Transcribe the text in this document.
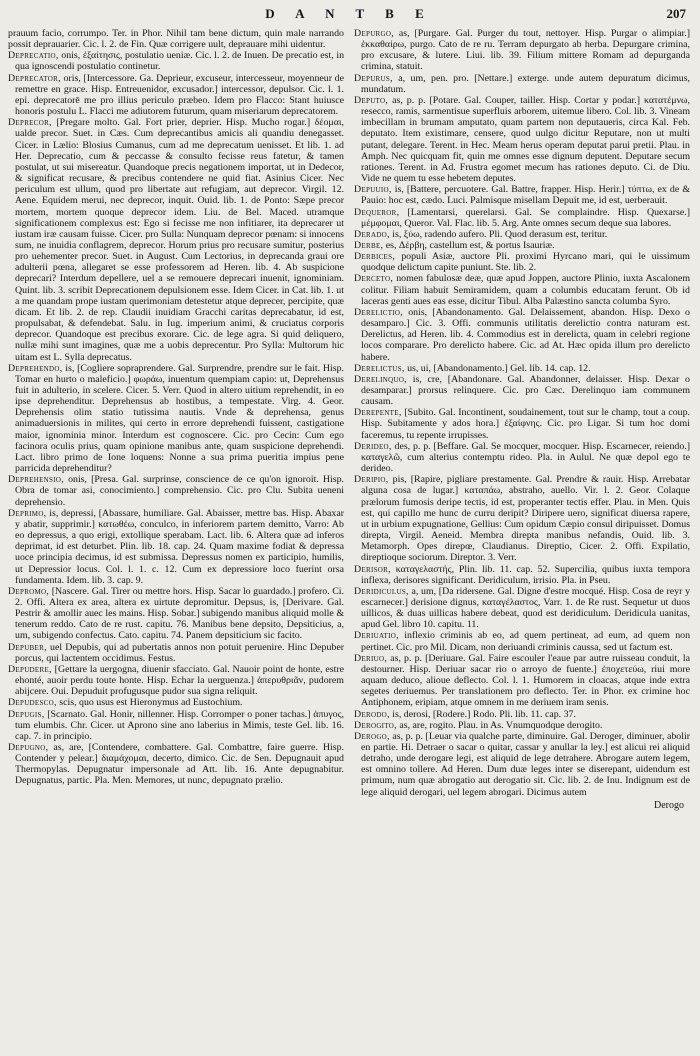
D A N T B E	207

prauum facio, corrumpo. Ter. in Phor. Nihil tam bene dictum, quin male narrando possit deprauarier. Cic. l. 2. de Fin. Quæ corrigere uult, deprauare mihi uidentur.

Deprecatio, onis, ἐξαίτησις, postulatio ueniæ. Cic. l. 2. de Inuen. De precatio est, in qua ignoscendi postulatio continetur.

Deprecator, oris, [Intercessore. Ga. Deprieur, excuseur, intercesseur, moyenneur de remettre en grace. Hisp. Entreuenidor, excusador.] intercessor, depulsor. Cic. l. 1. epi. deprecatorē me pro illius periculo præbeo. Idem pro Flacco: Stant huiusce honoris postulu L. Flacci me adiutorem futurum, quam miseriarum deprecatorem.

Deprecor, [Pregare molto. Gal. Fort prier, deprier. Hisp. Mucho rogar.] δέομαι, ualde precor. Suet. in Cæs. Cum deprecantibus amicis ali quandiu denegasset. Cicer. in Lælio: Blosius Cumanus, cum ad me deprecatum uenisset. Et lib. 1. ad Her. Deprecatio, cum & peccasse & consulto fecisse reus fatetur, & tamen postulat, ut sui misereatur. Quandoque precis negationem importat, ut in Dedecor, & significat recusare, & precibus contendere ne quid fiat. Asinius Cicer. Nec periculum est ullum, quod pro libertate aut refugiam, aut deprecor. Virgil. 12. Aene. Equidem merui, nec deprecor, inquit. Ouid. lib. 1. de Ponto: Sæpe precor mortem, mortem quoque deprecor idem. Liu. de Bel. Maced. utramque significationem complexus est: Ego si fecisse me non infitiarer, ita deprecarer ut iustam iræ causam fuisse. Cicer. pro Sulla: Nunquam deprecor pœnam: si innocens sum, ne inuidia conflagrem, deprecor. Horum prius pro recusare sumitur, posterius pro uehementer precor. Suet. in August. Cum Lectorius, in deprecanda graui ore adulterii pœna, allegaret se esse professorem ad Heren. lib. 4. Ab suspicione deprecari? Interdum depellere, uel a se remouere deprecari inuenit, ignominiam. Quint. lib. 3. scribit Deprecationem depulsionem esse. Idem Cicer. in Cat. lib. 1. ut a me quandam prope iustam querimoniam detestetur atque deprecer, percipite, quæ dicam. Et lib. 2. de rep. Claudii inuidiam Gracchi caritas deprecabatur, id est, propulsabat, & defendebat. Salu. in Iug. imperium animi, & cruciatus corporis deprecor. Quandoque est precibus exorare. Cic. de lege agra. Si quid deliquero, nullæ mihi sunt imagines, quæ me a uobis deprecentur. Pro Sylla: Multorum hic uitam est L. Sylla deprecatus.

Deprehendo, is, [Cogliere sopraprendere. Gal. Surprendre, prendre sur le fait. Hisp. Tomar en hurto o maleficio.] φωράω, inuentum quempiam capio: ut, Deprehensus fuit in adulterio, in scelere. Cicer. 5. Verr. Quod in altero uitium reprehendit, in eo ipse deprehenditur. Deprehensus ab hostibus, a tempestate. Virg. 4. Geor. Deprehensis olim statio tutissima nautis. Vnde & deprehensa, genus animaduersionis in milites, qui certo in errore deprehendi fuissent, castigatione maior, ignominia minor. Interdum est cognoscere. Cic. pro Cecin: Cum ego facinora oculis prius, quam opinione manibus ante, quam suspicione deprehendi. Lact. libro primo de Ione loquens: Nonne a sua prima pueritia impius pene parricida deprehenditur?

Deprehensio, onis, [Presa. Gal. surprinse, conscience de ce qu'on ignoroit. Hisp. Obra de tomar asi, conocimiento.] comprehensio. Cic. pro Clu. Subita ueneni deprehensio.

Deprimo, is, depressi, [Abassare, humiliare. Gal. Abaisser, mettre bas. Hisp. Abaxar y abatir, supprimir.] κατωθέω, conculco, in inferiorem partem demitto, Varro: Ab eo depressus, a quo erigi, extollique sperabam. Lact. lib. 6. Altera quæ ad inferos deprimat, id est deturbet. Plin. lib. 18. cap. 24. Quam maxime fodiat & depressa uoce principia decimus, id est submissa. Depressus nomen ex participio, humilis, ut Depressior locus. Col. l. 1. c. 12. Cum ex depressiore loco fuerint orsa fundamenta. Idem. lib. 3. cap. 9.

Depromo, [Nascere. Gal. Tirer ou mettre hors. Hisp. Sacar lo guardado.] profero. Ci. 2. Offi. Altera ex area, altera ex uirtute depromitur. Depsus, is, [Derivare. Gal. Pestrir & amollir auec les mains. Hisp. Sobar.] subigendo manibus aliquid molle & tenerum reddo. Cato de re rust. capitu. 76. Manibus bene depsito, Depsiticius, a, um, subigendo confectus. Cato. capitu. 74. Panem depsiticium sic facito.

Depuber, uel Depubis, qui ad pubertatis annos non potuit peruenire. Hinc Depuber porcus, qui lactentem occidimus. Festus.

Depudere, [Gettare la uergogna, diuenir sfacciato. Gal. Nauoir point de honte, estre ehonté, auoir perdu toute honte. Hisp. Echar la uerguenza.] ἀπερυθριᾶν, pudorem abijcere. Oui. Depuduit profugusque pudor sua signa reliquit.

Depudesco, scis, quo usus est Hieronymus ad Eustochium.

Depugis, [Scarnato. Gal. Honir, nillenner. Hisp. Corromper o poner tachas.] ἀπυγος, tum elumbis. Chr. Cicer. ut Aprono sine ano laberius in Mimis, teste Gel. lib. 16. cap. 7. in principio.

Depugno, as, are, [Contendere, combattere. Gal. Combattre, faire guerre. Hisp. Contender y pelear.] διαμάχομαι, decerto, dimico. Cic. de Sen. Depugnauit apud Thermopylas. Depugnatur impersonale ad Att. lib. 16. Ante depugnabitur. Depugnatus, partic. Pla. Men. Memores, ut nunc, depugnato prælio.

Depurgo, as, [Purgare. Gal. Purger du tout, nettoyer. Hisp. Purgar o alimpiar.] ἐκκαθαίρω, purgo. Cato de re ru. Terram depurgato ab herba. Depurgare crimina, pro excusare, & lutere. Liui. lib. 39. Filium mittere Romam ad depurganda crimina, statuit.

Depurus, a, um, pen. pro. [Nettare.] exterge. unde autem depuratum dicimus, mundatum.

Deputo, as, p. p. [Potare. Gal. Couper, tailler. Hisp. Cortar y podar.] κατατέμνω, resecco, ramis, sarmentisue superfluis arborem, uitemue libero. Col. lib. 3. Vineam imbecillam in brumam amputato, quam partem non deputaueris, circa Kal. Feb. deputato. Item existimare, censere, quod uulgo dicitur Reputare, non ut multi putant, delegare. Terent. in Hec. Meam herus operam deputat parui pretii. Plau. in Amph. Nec quicquam fit, quin me omnes esse dignum deputent. Deputare secum rationes. Terent. in Ad. Frustra egomet mecum has rationes deputo. Ci. de Diu. Vide ne quem tu esse hebetem deputes.

Depuuio, is, [Battere, percuotere. Gal. Battre, frapper. Hisp. Herir.] τύπτω, ex de & Pauio: hoc est, cædo. Luci. Palmisque misellam Depuit me, id est, uerberauit.

Dequeror, [Lamentarsi, querelarsi. Gal. Se complaindre. Hisp. Quexarse.] μέμφομαι, Queror. Val. Flac. lib. 5. Arg. Ante omnes secum deque sua labores.

Derado, is, ξύω, radendo aufero. Pli. Quod derasum est, teritur.

Derbe, es, Δέρβη, castellum est, & portus Isauriæ.

Derbices, populi Asiæ, auctore Pli. proximi Hyrcano mari, qui le uissimum quodque delictum capite puniunt. Ste. lib. 2.

Derceto, nomen fabulosæ deæ, quæ apud Joppen, auctore Plinio, iuxta Ascalonem colitur. Filiam habuit Semiramidem, quam a columbis educatam ferunt. Ob id laceras genti aues eas esse, dicitur Tibul. Alba Palæstino sancta columba Syro.

Derelictio, onis, [Abandonamento. Gal. Delaissement, abandon. Hisp. Dexo o desamparo.] Cic. 3. Offi. communis utilitatis derelictio contra naturam est. Derelictus, ad Heren. lib. 4. Commodius est in derelicta, quam in celebri regione locos comparare. Pro derelicto habere. Cic. ad At. Hæc opida illum pro derelicto habere.

Derelictus, us, ui, [Abandonamento.] Gel. lib. 14. cap. 12.

Derelinquo, is, cre, [Abandonare. Gal. Abandonner, delaisser. Hisp. Dexar o desamparar.] prorsus relinquere. Cic. pro Cæc. Derelinquo iam communem causam.

Derepente, [Subito. Gal. Incontinent, soudainement, tout sur le champ, tout a coup. Hisp. Subitamente y ados hora.] ἐξαίφνης. Cic. pro Ligar. Si tum hoc domi faceremus, tu repente irrupisses.

Derideo, des, p. p. [Beffare. Gal. Se mocquer, mocquer. Hisp. Escarnecer, reiendo.] καταγελῶ, cum alterius contemptu rideo. Pla. in Aulul. Ne quæ depol ego te derideo.

Deripio, pis, [Rapire, pigliare prestamente. Gal. Prendre & rauir. Hisp. Arrebatar alguna cosa de lugar.] καταπάω, abstraho, auello. Vir. l. 2. Geor. Colaque prælorum fumosis deripe tectis, id est, properanter tectis effer. Plau. in Men. Quis est, qui capillo me hunc de curru deripit? Diripere uero, significat diuersa rapere, ut in urbium expugnatione, Gellius: Cum opidum Cæpio consul diripuisset. Domus direpta, Virgil. Aeneid. Membra direpta manibus nefandis, Ouid. lib. 3. Metamorph. Opes direpœ, Claudianus. Direptio, Cicer. 2. Offi. Expilatio, direptioque sociorum. Direptor. 3. Verr.

Derisor, καταγελαστής, Plin. lib. 11. cap. 52. Supercilia, quibus iuxta tempora inflexa, derisores significant. Deridiculum, irrisio. Pla. in Pseu.

Deridiculus, a, um, [Da ridersene. Gal. Digne d'estre mocqué. Hisp. Cosa de reyr y escarnecer.] derisione dignus, καταγέλαστος, Varr. 1. de Re rust. Sequetur ut duos uillicos, & duas uillicas habere debeat, quod est deridiculum. Deridicula uanitas, apud Gel. libro 10. capitu. 11.

Deriuatio, inflexio criminis ab eo, ad quem pertineat, ad eum, ad quem non pertinet. Cic. pro Mil. Dicam, non deriuandi criminis caussa, sed ut factum est.

Deriuo, as, p. p. [Deriuare. Gal. Faire escouler l'eaue par autre ruisseau conduit, la destourner. Hisp. Deriuar sacar rio o arroyo de fuente.] ἐποχετεύω, riui more aquam deduco, alioue deflecto. Col. l. 1. Humorem in cloacas, atque inde extra segetes deriuemus. Per translationem pro deflecto. Ter. in Phor. ex crimine hoc Antiphonem, eripiam, atque omnem in me deriuem iram senis.

Derodo, is, derosi, [Rodere.] Rodo. Pli. lib. 11. cap. 37.

Derogito, as, are, rogito. Plau. in As. Vnumquodque derogito.

Derogo, as, p. p. [Leuar via qualche parte, diminuire. Gal. Deroger, diminuer, abolir en partie. Hi. Detraer o sacar o quitar, cassar y anullar la ley.] est alicui rei aliquid detraho, unde derogare legi, est aliquid de lege detrahere. Abrogare autem legem, est omnino tollere. Ad Heren. Dum duæ leges inter se diserepant, uidendum est primum, num quæ abrogatio aut derogatio sit. Cic. lib. 2. de Inu. Indignum est de lege aliquid derogari, uel legem abrogari. Dicimus autem

Derogo
